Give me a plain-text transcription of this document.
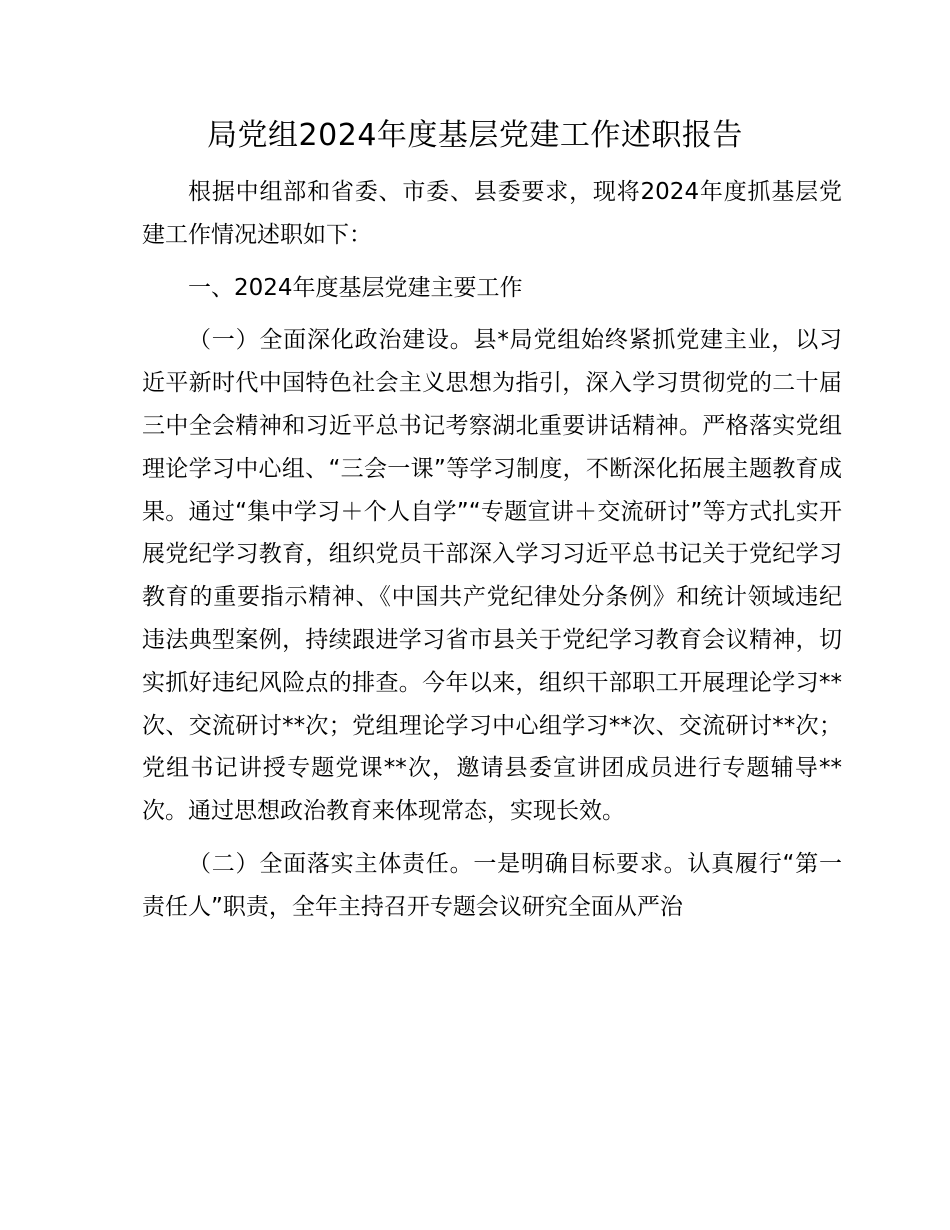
局党组2024年度基层党建工作述职报告

根据中组部和省委、市委、县委要求，现将2024年度抓基层党建工作情况述职如下：

一、2024年度基层党建主要工作

（一）全面深化政治建设。县*局党组始终紧抓党建主业，以习近平新时代中国特色社会主义思想为指引，深入学习贯彻党的二十届三中全会精神和习近平总书记考察湖北重要讲话精神。严格落实党组理论学习中心组、“三会一课”等学习制度，不断深化拓展主题教育成果。通过“集中学习＋个人自学”“专题宣讲＋交流研讨”等方式扎实开展党纪学习教育，组织党员干部深入学习习近平总书记关于党纪学习教育的重要指示精神、《中国共产党纪律处分条例》和统计领域违纪违法典型案例，持续跟进学习省市县关于党纪学习教育会议精神，切实抓好违纪风险点的排查。今年以来，组织干部职工开展理论学习**次、交流研讨**次；党组理论学习中心组学习**次、交流研讨**次；党组书记讲授专题党课**次，邀请县委宣讲团成员进行专题辅导**次。通过思想政治教育来体现常态，实现长效。

（二）全面落实主体责任。一是明确目标要求。认真履行“第一责任人”职责，全年主持召开专题会议研究全面从严治
